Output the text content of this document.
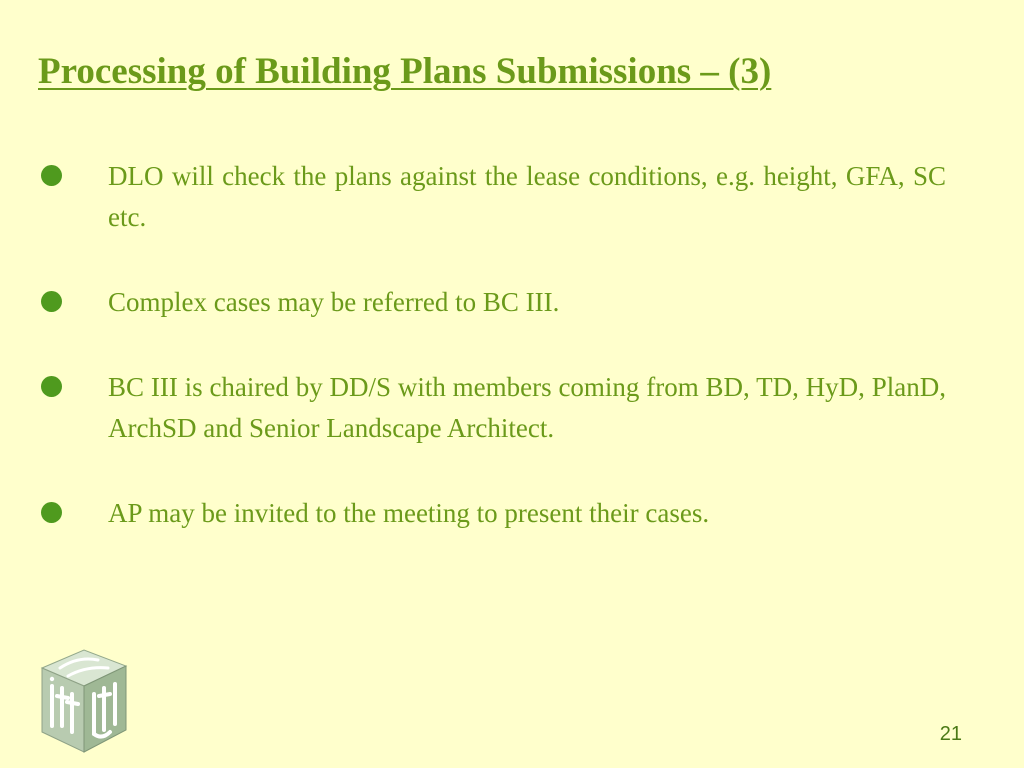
Processing of Building Plans Submissions – (3)
DLO will check the plans against the lease conditions, e.g. height, GFA, SC etc.
Complex cases may be referred to BC III.
BC III is chaired by DD/S with members coming from BD, TD, HyD, PlanD, ArchSD and Senior Landscape Architect.
AP may be invited to the meeting to present their cases.
21
